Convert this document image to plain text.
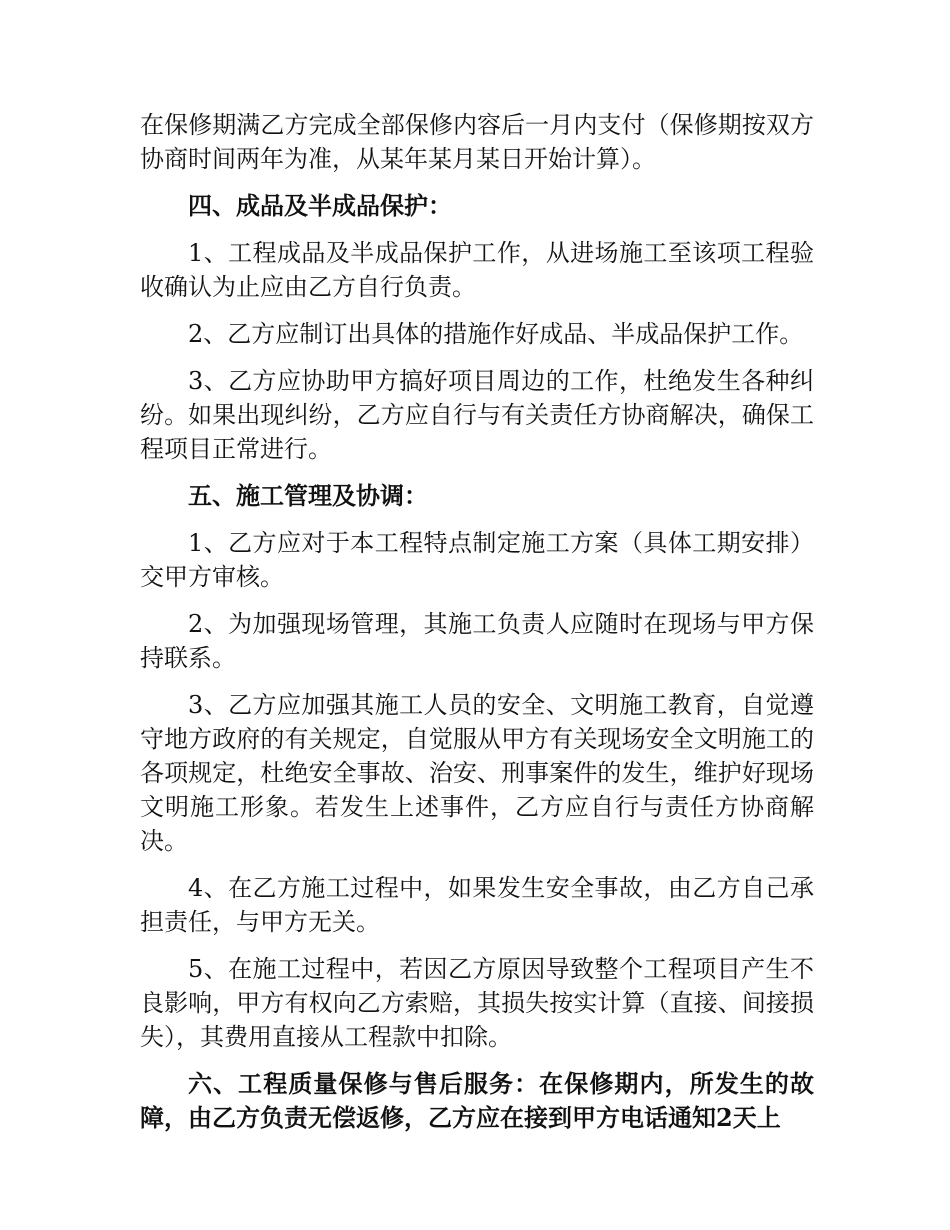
在保修期满乙方完成全部保修内容后一月内支付（保修期按双方协商时间两年为准，从某年某月某日开始计算）。

四、成品及半成品保护：

1、工程成品及半成品保护工作，从进场施工至该项工程验收确认为止应由乙方自行负责。

2、乙方应制订出具体的措施作好成品、半成品保护工作。

3、乙方应协助甲方搞好项目周边的工作，杜绝发生各种纠纷。如果出现纠纷，乙方应自行与有关责任方协商解决，确保工程项目正常进行。

五、施工管理及协调：

1、乙方应对于本工程特点制定施工方案（具体工期安排）交甲方审核。

2、为加强现场管理，其施工负责人应随时在现场与甲方保持联系。

3、乙方应加强其施工人员的安全、文明施工教育，自觉遵守地方政府的有关规定，自觉服从甲方有关现场安全文明施工的各项规定，杜绝安全事故、治安、刑事案件的发生，维护好现场文明施工形象。若发生上述事件，乙方应自行与责任方协商解决。

4、在乙方施工过程中，如果发生安全事故，由乙方自己承担责任，与甲方无关。

5、在施工过程中，若因乙方原因导致整个工程项目产生不良影响，甲方有权向乙方索赔，其损失按实计算（直接、间接损失），其费用直接从工程款中扣除。

六、工程质量保修与售后服务：在保修期内，所发生的故障，由乙方负责无偿返修，乙方应在接到甲方电话通知2天上
